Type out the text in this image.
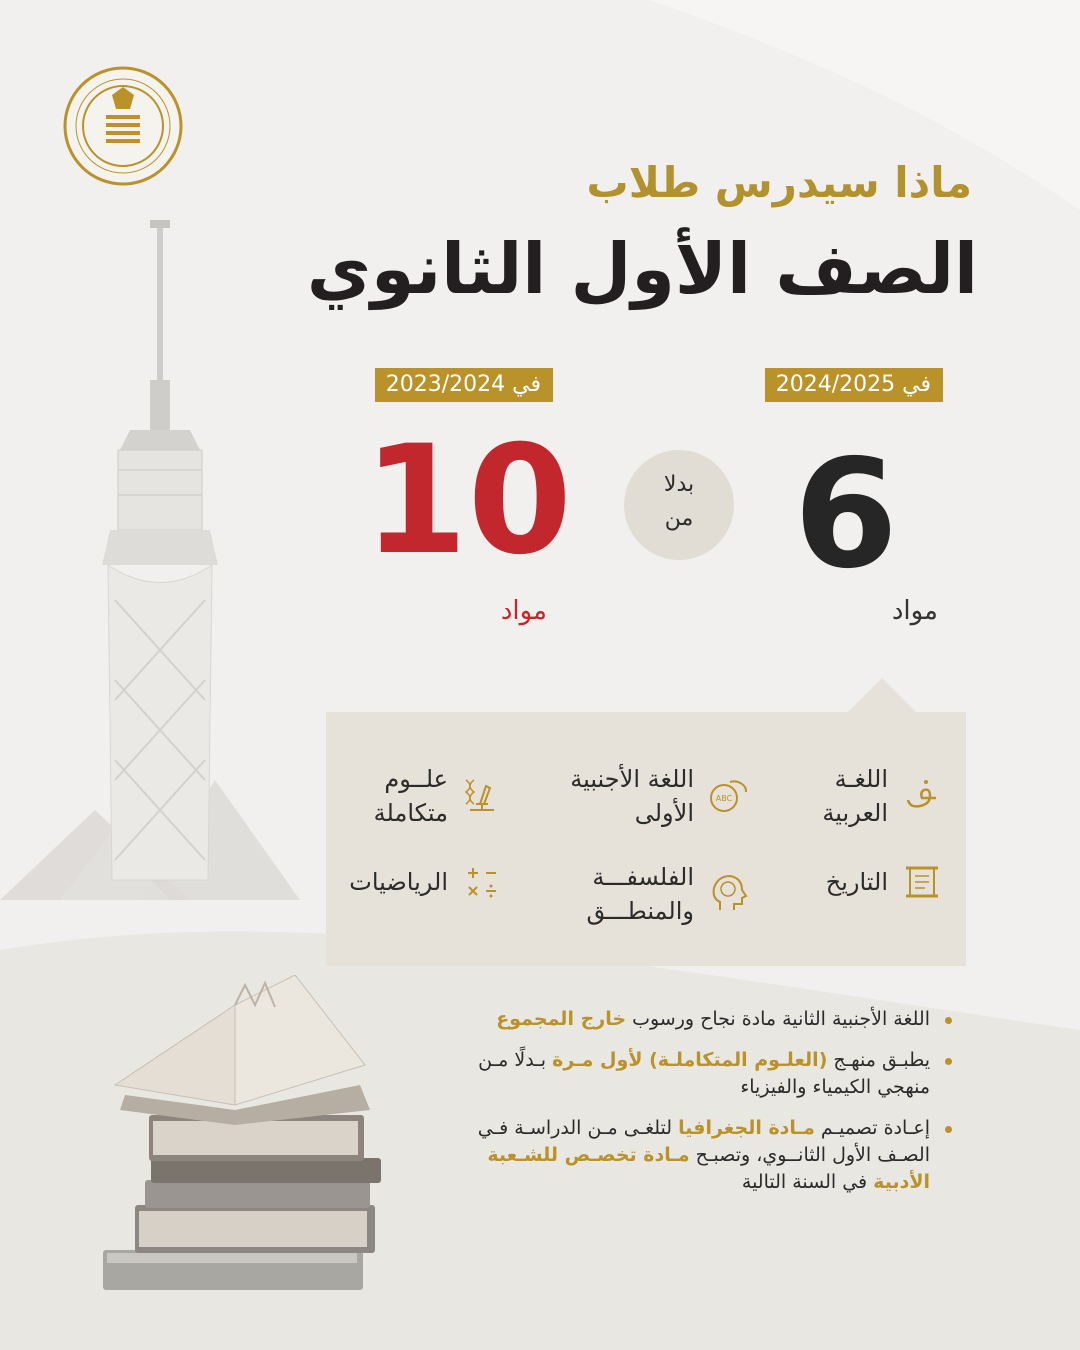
ماذا سيدرس طلاب
الصف الأول الثانوي
في 2024/2025
في 2023/2024
6
10	بدلا
من
مواد
مواد
اللغـة
العربية
ABC
اللغة الأجنبية
الأولى
علــوم
متكاملة
التاريخ
الفلسفـــة
والمنطـــق
الرياضيات
اللغة الأجنبية الثانية مادة نجاح ورسوب خارج المجموع
يطبـق منهـج (العلـوم المتكاملـة) لأول مـرة بـدلًا مـن منهجي الكيمياء والفيزياء
إعـادة تصميـم مـادة الجغرافيا لتلغـى مـن الدراسـة فـي الصـف الأول الثانــوي، وتصبـح مـادة تخصـص للشـعبة الأدبية في السنة التالية
